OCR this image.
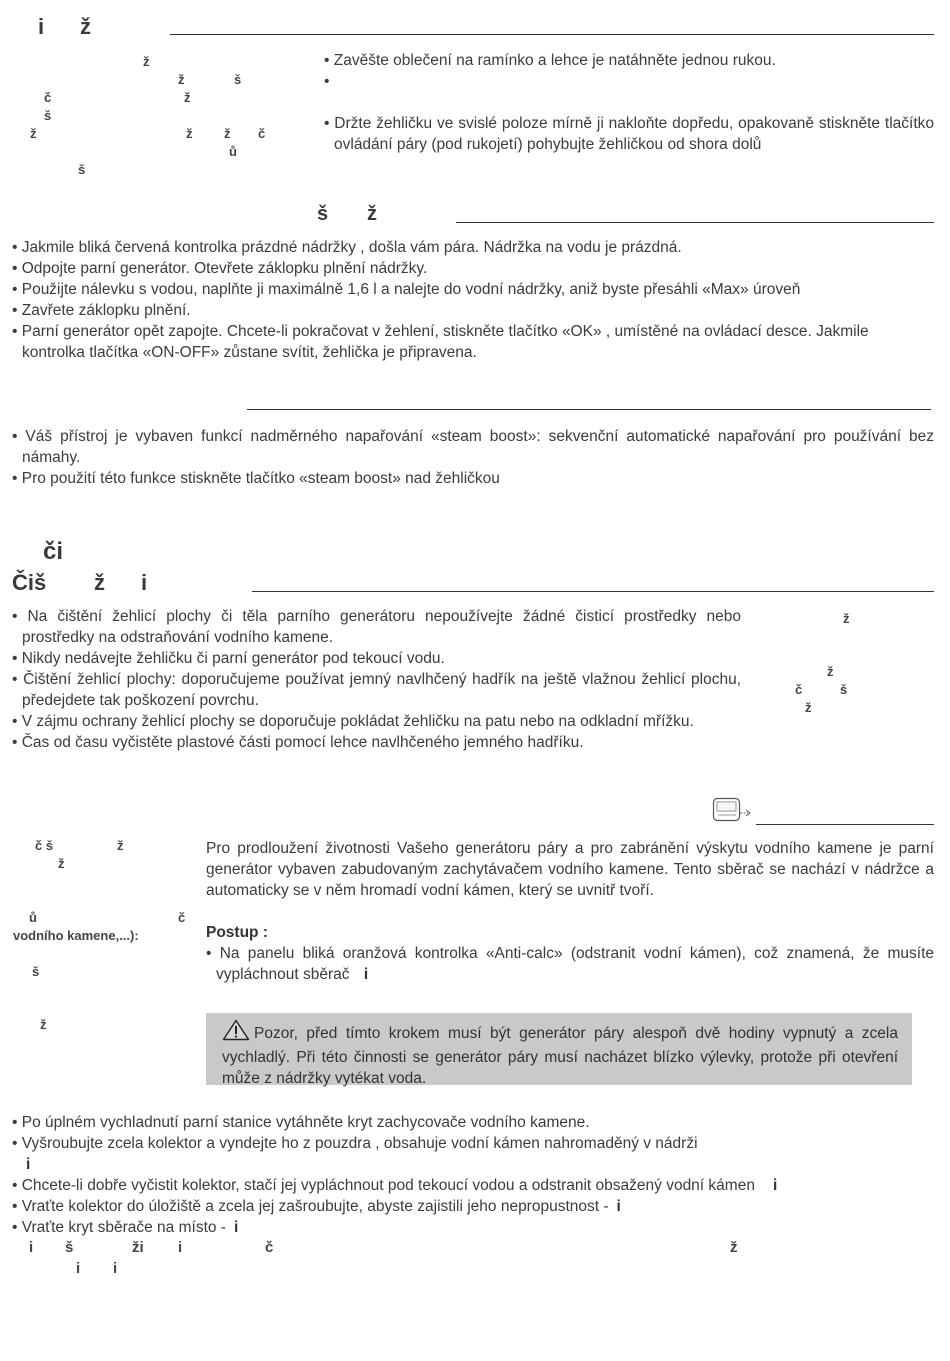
i ž
ž
ž	š
č	ž
š
ž	ž ž č
ů
š

• Zavěšte oblečení na ramínko a lehce je natáhněte jednou rukou.

•

• Držte žehličku ve svislé poloze mírně ji nakloňte dopředu, opakovaně stiskněte tlačítko ovládání páry (pod rukojetí) pohybujte žehličkou od shora dolů

š ž

• Jakmile bliká červená kontrolka prázdné nádržky , došla vám pára. Nádržka na vodu je prázdná.

• Odpojte parní generátor. Otevřete záklopku plnění nádržky.

• Použijte nálevku s vodou, naplňte ji maximálně 1,6 l a nalejte do vodní nádržky, aniž byste přesáhli «Max» úroveň

• Zavřete záklopku plnění.

• Parní generátor opět zapojte. Chcete-li pokračovat v žehlení, stiskněte tlačítko «OK» , umístěné na ovládací desce. Jakmile kontrolka tlačítka «ON-OFF» zůstane svítit, žehlička je připravena.

• Váš přístroj je vybaven funkcí nadměrného napařování «steam boost»: sekvenční automatické napařování pro používání bez námahy.

• Pro použití této funkce stiskněte tlačítko «steam boost» nad žehličkou

či
Čiš ž i

• Na čištění žehlicí plochy či těla parního generátoru nepoužívejte žádné čisticí prostředky nebo prostředky na odstraňování vodního kamene.

• Nikdy nedávejte žehličku či parní generátor pod tekoucí vodu.

• Čištění žehlicí plochy: doporučujeme používat jemný navlhčený hadřík na ještě vlažnou žehlicí plochu, předejdete tak poškození povrchu.

• V zájmu ochrany žehlicí plochy se doporučuje pokládat žehličku na patu nebo na odkladní mřížku.

• Čas od času vyčistěte plastové části pomocí lehce navlhčeného jemného hadříku.

ž
ž
č	š
ž
č š	ž
ž
ů	č
vodního kamene,...):
š
ž
Pro prodloužení životnosti Vašeho generátoru páry a pro zabránění výskytu vodního kamene je parní generátor vybaven zabudovaným zachytávačem vodního kamene. Tento sběrač se nachází v nádržce a automaticky se v něm hromadí vodní kámen, který se uvnitř tvoří.
Postup :

• Na panelu bliká oranžová kontrolka «Anti-calc» (odstranit vodní kámen), což znamená, že musíte vypláchnout sběrač i

Pozor, před tímto krokem musí být generátor páry alespoň dvě hodiny vypnutý a zcela vychladlý. Při této činnosti se generátor páry musí nacházet blízko výlevky, protože při otevření může z nádržky vytékat voda.

• Po úplném vychladnutí parní stanice vytáhněte kryt zachycovače vodního kamene.

• Vyšroubujte zcela kolektor a vyndejte ho z pouzdra , obsahuje vodní kámen nahromaděný v nádrži
i

• Chcete-li dobře vyčistit kolektor, stačí jej vypláchnout pod tekoucí vodou a odstranit obsažený vodní kámen i

• Vraťte kolektor do úložiště a zcela jej zašroubujte, abyste zajistili jeho nepropustnost - i

• Vraťte kryt sběrače na místo - i

i š	ži i	č	ž
i i
